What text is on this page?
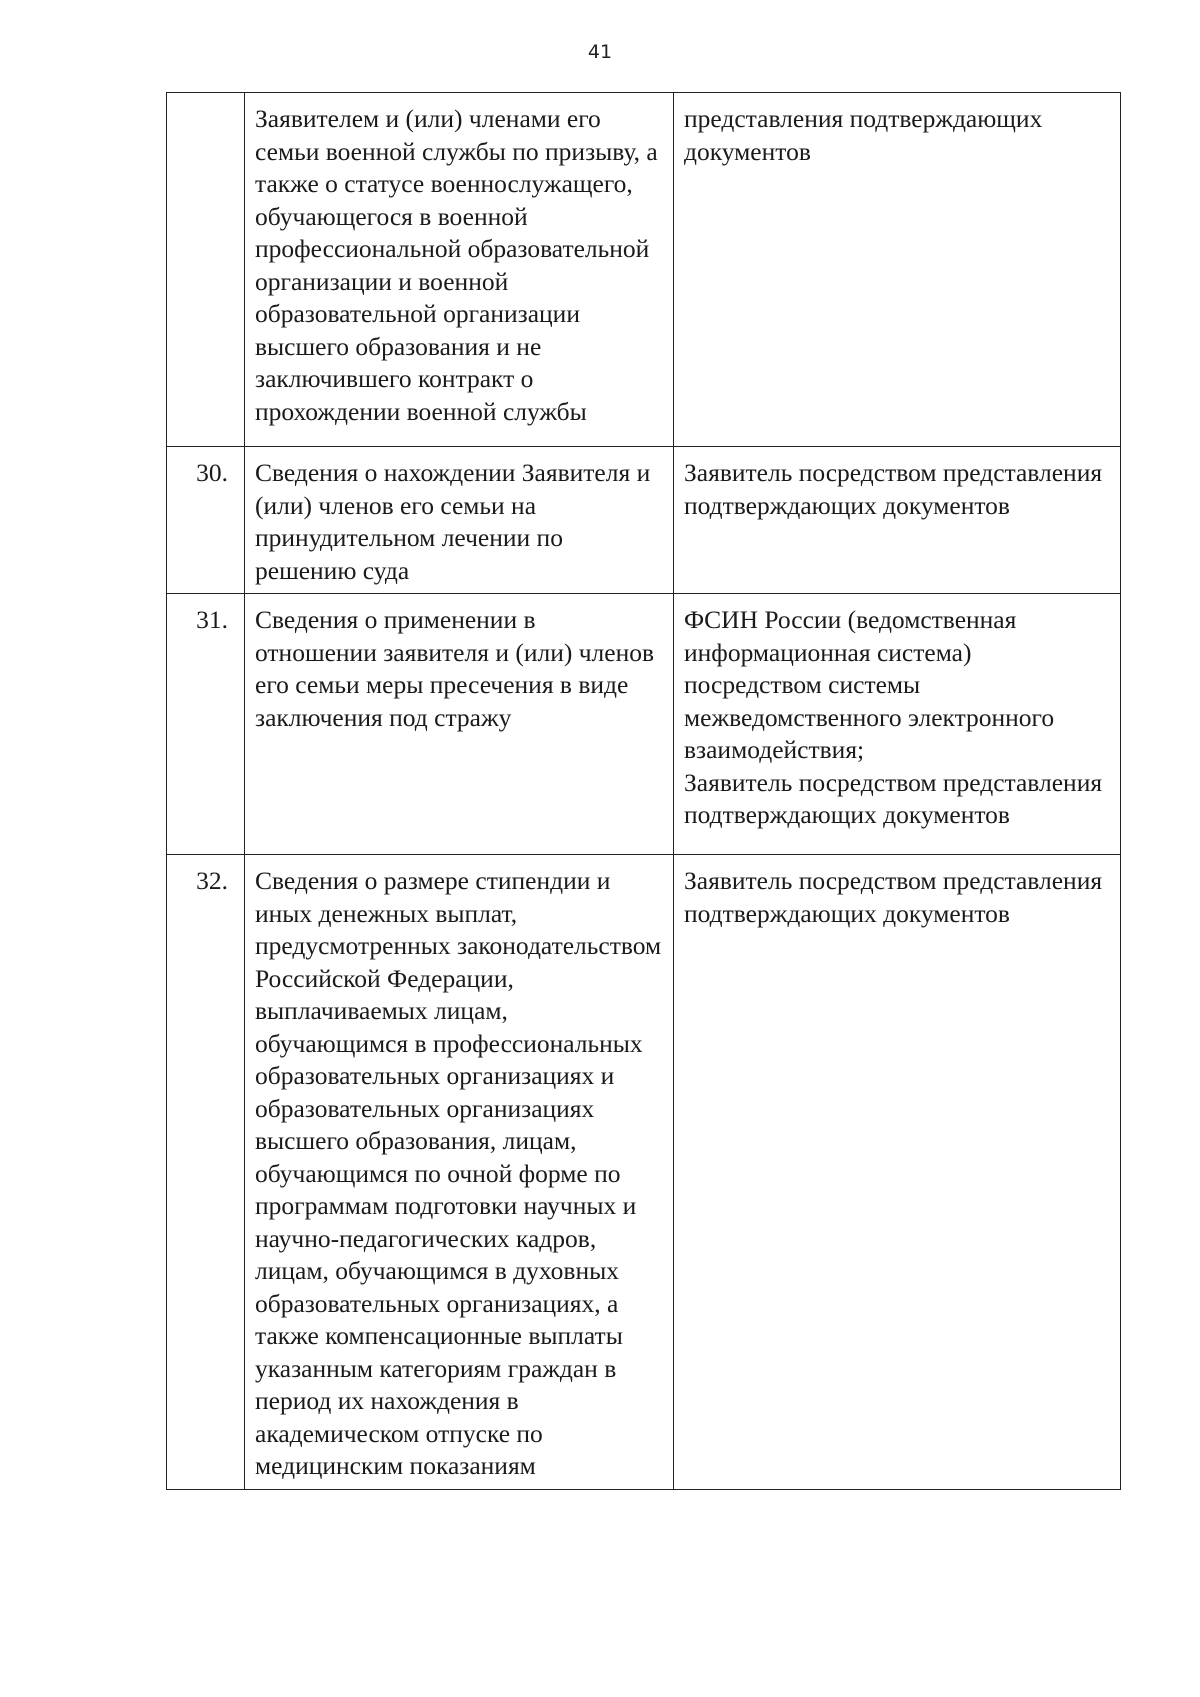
41
	Заявителем и (или) членами его семьи военной службы по призыву, а также о статусе военнослужащего, обучающегося в военной профессиональной образовательной организации и военной образовательной организации высшего образования и не заключившего контракт о прохождении военной службы	представления подтверждающих документов

30.	Сведения о нахождении Заявителя и (или) членов его семьи на принудительном лечении по решению суда	Заявитель посредством представления подтверждающих документов

31.	Сведения о применении в отношении заявителя и (или) членов его семьи меры пресечения в виде заключения под стражу	ФСИН России (ведомственная информационная система) посредством системы межведомственного электронного взаимодействия;
Заявитель посредством представления подтверждающих документов

32.	Сведения о размере стипендии и иных денежных выплат, предусмотренных законодательством Российской Федерации, выплачиваемых лицам, обучающимся в профессиональных образовательных организациях и образовательных организациях высшего образования, лицам, обучающимся по очной форме по программам подготовки научных и научно-педагогических кадров, лицам, обучающимся в духовных образовательных организациях, а также компенсационные выплаты указанным категориям граждан в период их нахождения в академическом отпуске по медицинским показаниям	Заявитель посредством представления подтверждающих документов
